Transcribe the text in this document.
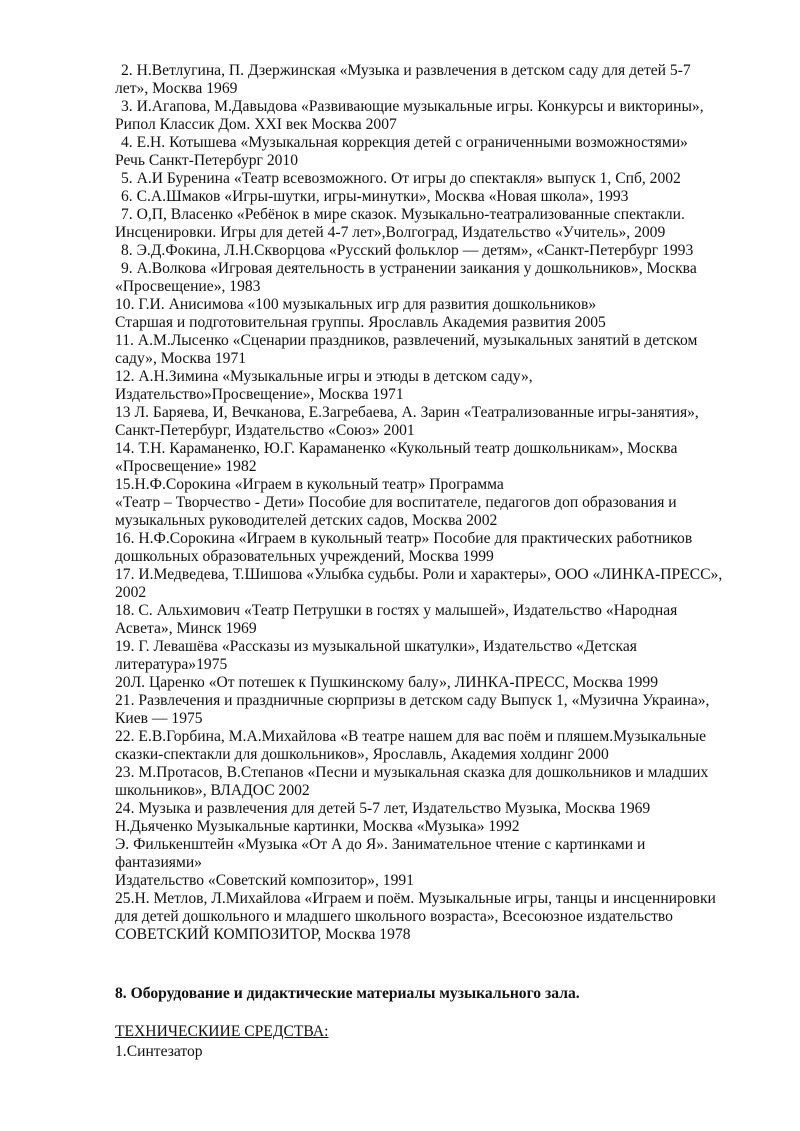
2. Н.Ветлугина, П. Дзержинская «Музыка и развлечения в детском саду для детей 5-7
лет», Москва 1969
3. И.Агапова, М.Давыдова «Развивающие музыкальные игры. Конкурсы и викторины»,
Рипол Классик Дом. XXI век Москва 2007
4. Е.Н. Котышева «Музыкальная коррекция детей с ограниченными возможностями»
Речь Санкт-Петербург 2010
5. А.И Буренина «Театр всевозможного. От игры до спектакля» выпуск 1, Спб, 2002
6. С.А.Шмаков «Игры-шутки, игры-минутки», Москва «Новая школа», 1993
7. О,П, Власенко «Ребёнок в мире сказок. Музыкально-театрализованные спектакли.
Инсценировки. Игры для детей 4-7 лет»,Волгоград, Издательство «Учитель», 2009
8. Э.Д.Фокина, Л.Н.Скворцова «Русский фольклор — детям», «Санкт-Петербург 1993
9. А.Волкова «Игровая деятельность в устранении заикания у дошкольников», Москва
«Просвещение», 1983
10. Г.И. Анисимова «100 музыкальных игр для развития дошкольников»
Старшая и подготовительная группы. Ярославль Академия развития 2005
11. А.М.Лысенко «Сценарии праздников, развлечений, музыкальных занятий в детском
саду», Москва 1971
12. А.Н.Зимина «Музыкальные игры и этюды в детском саду»,
Издательство»Просвещение», Москва 1971
13 Л. Баряева, И, Вечканова, Е.Загребаева, А. Зарин «Театрализованные игры-занятия»,
Санкт-Петербург, Издательство «Союз» 2001
14. Т.Н. Караманенко, Ю.Г. Караманенко «Кукольный театр дошкольникам», Москва
«Просвещение» 1982
15.Н.Ф.Сорокина «Играем в кукольный театр» Программа
«Театр – Творчество - Дети» Пособие для воспитателе, педагогов доп образования и
музыкальных руководителей детских садов, Москва 2002
16. Н.Ф.Сорокина «Играем в кукольный театр» Пособие для практических работников
дошкольных образовательных учреждений, Москва 1999
17. И.Медведева, Т.Шишова «Улыбка судьбы. Роли и характеры», ООО «ЛИНКА-ПРЕСС»,
2002
18. С. Альхимович «Театр Петрушки в гостях у малышей», Издательство «Народная
Асвета», Минск 1969
19. Г. Левашёва «Рассказы из музыкальной шкатулки», Издательство «Детская
литература»1975
20Л. Царенко «От потешек к Пушкинскому балу», ЛИНКА-ПРЕСС, Москва 1999
21. Развлечения и праздничные сюрпризы в детском саду Выпуск 1, «Музична Украина»,
Киев — 1975
22. Е.В.Горбина, М.А.Михайлова «В театре нашем для вас поём и пляшем.Музыкальные
сказки-спектакли для дошкольников», Ярославль, Академия холдинг 2000
23. М.Протасов, В.Степанов «Песни и музыкальная сказка для дошкольников и младших
школьников», ВЛАДОС 2002
24. Музыка и развлечения для детей 5-7 лет, Издательство Музыка, Москва 1969
Н.Дьяченко Музыкальные картинки, Москва «Музыка» 1992
Э. Филькенштейн «Музыка «От А до Я». Занимательное чтение с картинками и
фантазиями»
Издательство «Советский композитор», 1991
25.Н. Метлов, Л.Михайлова «Играем и поём. Музыкальные игры, танцы и инсценнировки
для детей дошкольного и младшего школьного возраста», Всесоюзное издательство
СОВЕТСКИЙ КОМПОЗИТОР, Москва 1978
8. Оборудование и дидактические материалы музыкального зала.
ТЕХНИЧЕСКИИЕ СРЕДСТВА:
1.Синтезатор
